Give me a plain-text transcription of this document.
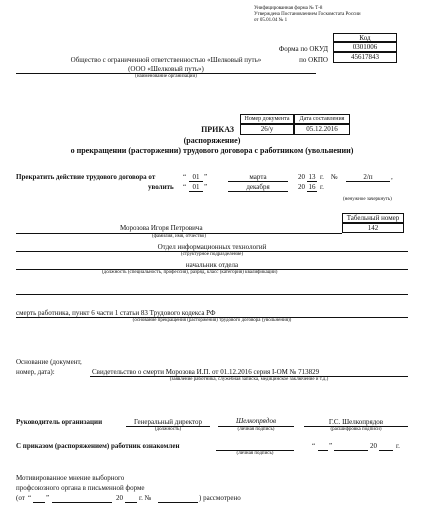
Унифицированная форма № Т-8
Утверждена Постановлением Госкомстата России
от 05.01.04 № 1
Код
Форма по ОКУД	0301006
по ОКПО	45617843
Общество с ограниченной ответственностью «Шелковый путь»
(ООО «Шелковый путь»)
(наименование организации)
Номер документа	Дата составления
26/у	05.12.2016
ПРИКАЗ
(распоряжение)
о прекращении (расторжении) трудового договора с работником (увольнении)
Прекратить действие трудового договора от	“ 01 ”	марта	20 13 г. №	2/п	,
уволить “ 01 ”	декабря	20 16 г.
(ненужное зачеркнуть)
Табельный номер
142
Морозова Игоря Петровича
(фамилия, имя, отчество)
Отдел информационных технологий
(структурное подразделение)
начальник отдела
(должность (специальность, профессия), разряд, класс (категория) квалификации)
смерть работника, пункт 6 части 1 статьи 83 Трудового кодекса РФ
(основание прекращения (расторжения) трудового договора (увольнения))
Основание (документ,
номер, дата):	Свидетельство о смерти Морозова И.П. от 01.12.2016 серия I-ОМ № 713829
(заявление работника, служебная записка, медицинское заключение и т.д.)
Руководитель организации	Генеральный директор
(должность)
Шелкопрядов
(личная подпись)
Г.С. Шелкопрядов
(расшифровка подписи)
С приказом (распоряжением) работник ознакомлен
(личная подпись)
“ ”	20	г.
Мотивированное мнение выборного
профсоюзного органа в письменной форме
(от “ ”	20 г. №	) рассмотрено
